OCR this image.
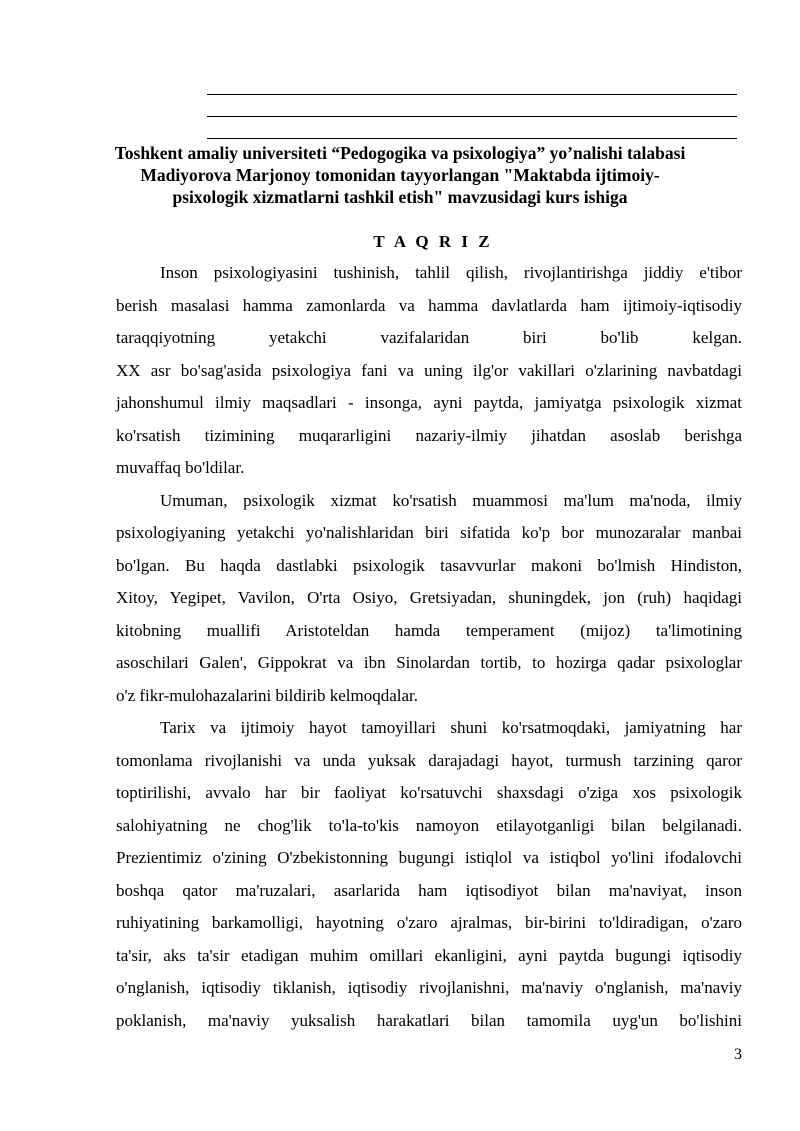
Toshkent amaliy universiteti “Pedogogika va psixologiya” yo’nalishi talabasi
Madiyorova Marjonoy tomonidan tayyorlangan "Maktabda ijtimoiy-
psixologik xizmatlarni tashkil etish" mavzusidagi kurs ishiga
T A Q R I Z
Inson psixologiyasini tushinish, tahlil qilish, rivojlantirishga jiddiy e'tibor
berish masalasi hamma zamonlarda va hamma davlatlarda ham ijtimoiy-iqtisodiy
taraqqiyotning yetakchi vazifalaridan biri bo'lib kelgan.
XX asr bo'sag'asida psixologiya fani va uning ilg'or vakillari o'zlarining navbatdagi
jahonshumul ilmiy maqsadlari - insonga, ayni paytda, jamiyatga psixologik xizmat
ko'rsatish tizimining muqararligini nazariy-ilmiy jihatdan asoslab berishga
muvaffaq bo'ldilar.
Umuman, psixologik xizmat ko'rsatish muammosi ma'lum ma'noda, ilmiy
psixologiyaning yetakchi yo'nalishlaridan biri sifatida ko'p bor munozaralar manbai
bo'lgan. Bu haqda dastlabki psixologik tasavvurlar makoni bo'lmish Hindiston,
Xitoy, Yegipet, Vavilon, O'rta Osiyo, Gretsiyadan, shuningdek, jon (ruh) haqidagi
kitobning muallifi Aristoteldan hamda temperament (mijoz) ta'limotining
asoschilari Galen', Gippokrat va ibn Sinolardan tortib, to hozirga qadar psixologlar
o'z fikr-mulohazalarini bildirib kelmoqdalar.
Tarix va ijtimoiy hayot tamoyillari shuni ko'rsatmoqdaki, jamiyatning har
tomonlama rivojlanishi va unda yuksak darajadagi hayot, turmush tarzining qaror
toptirilishi, avvalo har bir faoliyat ko'rsatuvchi shaxsdagi o'ziga xos psixologik
salohiyatning ne chog'lik to'la-to'kis namoyon etilayotganligi bilan belgilanadi.
Prezientimiz o'zining O'zbekistonning bugungi istiqlol va istiqbol yo'lini ifodalovchi
boshqa qator ma'ruzalari, asarlarida ham iqtisodiyot bilan ma'naviyat, inson
ruhiyatining barkamolligi, hayotning o'zaro ajralmas, bir-birini to'ldiradigan, o'zaro
ta'sir, aks ta'sir etadigan muhim omillari ekanligini, ayni paytda bugungi iqtisodiy
o'nglanish, iqtisodiy tiklanish, iqtisodiy rivojlanishni, ma'naviy o'nglanish, ma'naviy
poklanish, ma'naviy yuksalish harakatlari bilan tamomila uyg'un bo'lishini
3
